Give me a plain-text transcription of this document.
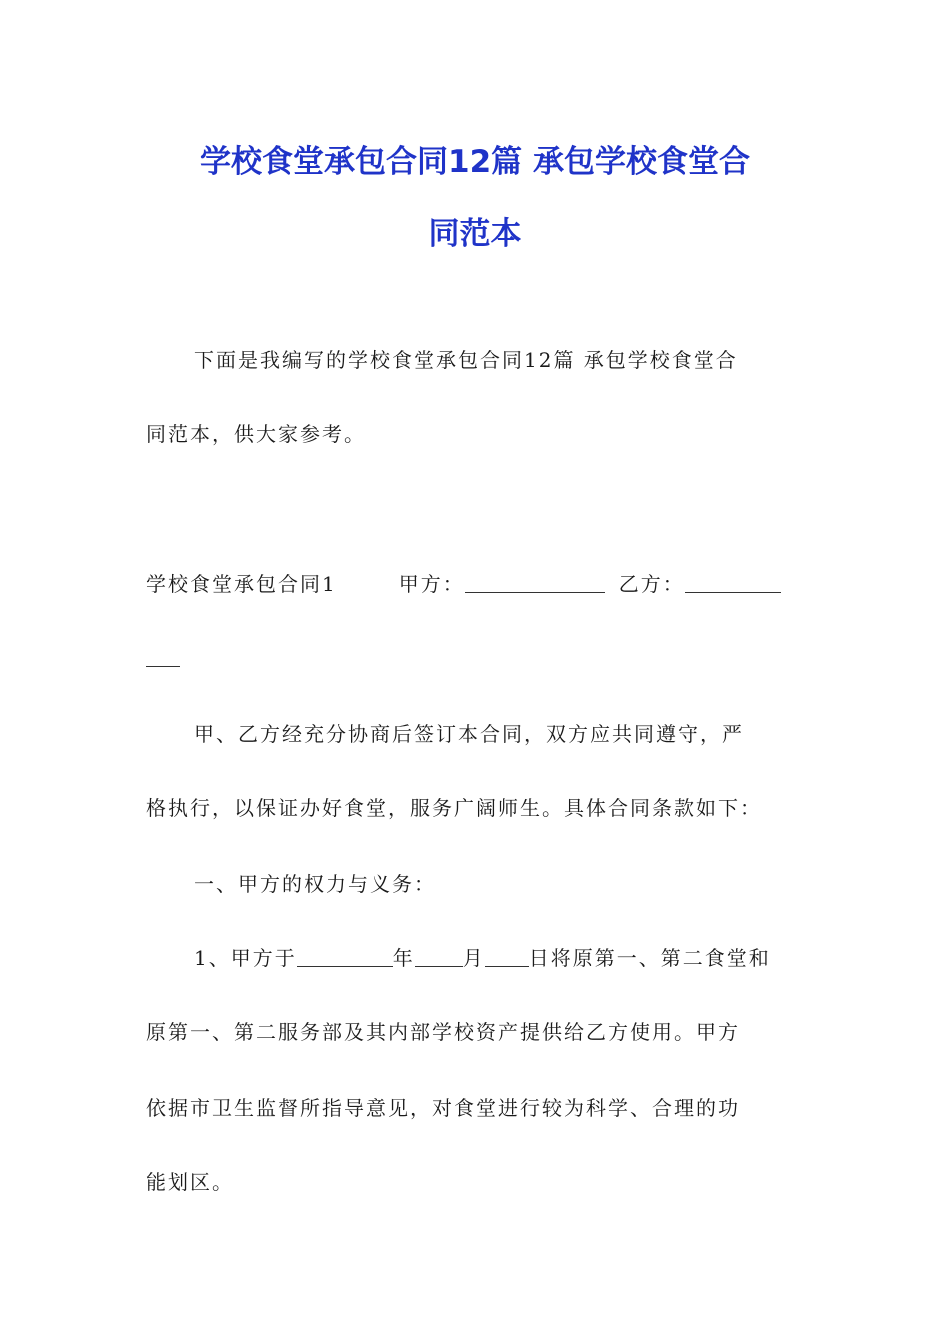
学校食堂承包合同12篇 承包学校食堂合
同范本
下面是我编写的学校食堂承包合同12篇 承包学校食堂合
同范本，供大家参考。
学校食堂承包合同1	甲方：	乙方：
甲、乙方经充分协商后签订本合同，双方应共同遵守，严
格执行，以保证办好食堂，服务广阔师生。具体合同条款如下：
一、甲方的权力与义务：
1、甲方于	年 月 日将原第一、第二食堂和
原第一、第二服务部及其内部学校资产提供给乙方使用。甲方
依据市卫生监督所指导意见，对食堂进行较为科学、合理的功
能划区。
